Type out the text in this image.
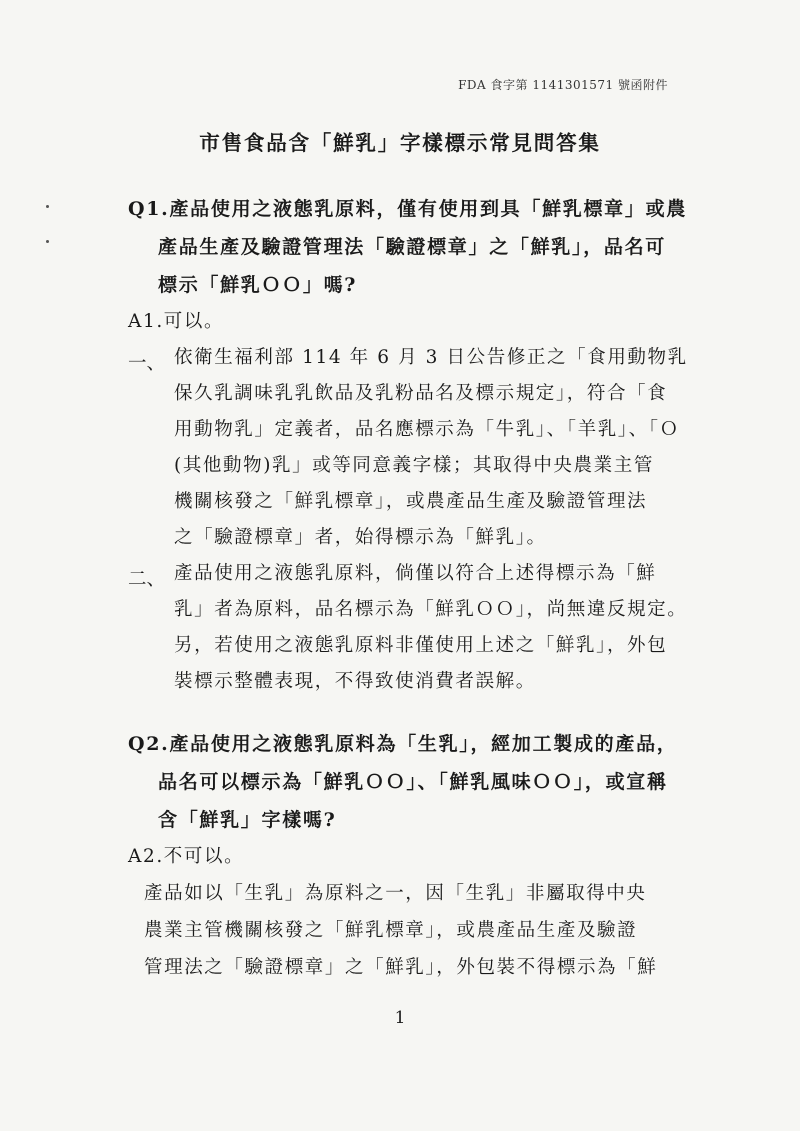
FDA 食字第 1141301571 號函附件
市售食品含「鮮乳」字樣標示常見問答集
Q1.產品使用之液態乳原料，僅有使用到具「鮮乳標章」或農
產品生產及驗證管理法「驗證標章」之「鮮乳」，品名可
標示「鮮乳ＯＯ」嗎?
A1.可以。
一、 依衛生福利部 114 年 6 月 3 日公告修正之「食用動物乳
保久乳調味乳乳飲品及乳粉品名及標示規定」，符合「食
用動物乳」定義者，品名應標示為「牛乳」、「羊乳」、「Ｏ
(其他動物)乳」或等同意義字樣；其取得中央農業主管
機關核發之「鮮乳標章」，或農產品生產及驗證管理法
之「驗證標章」者，始得標示為「鮮乳」。
二、 產品使用之液態乳原料，倘僅以符合上述得標示為「鮮
乳」者為原料，品名標示為「鮮乳ＯＯ」，尚無違反規定。
另，若使用之液態乳原料非僅使用上述之「鮮乳」，外包
裝標示整體表現，不得致使消費者誤解。
Q2.產品使用之液態乳原料為「生乳」，經加工製成的產品，
品名可以標示為「鮮乳ＯＯ」、「鮮乳風味ＯＯ」，或宣稱
含「鮮乳」字樣嗎?
A2.不可以。
產品如以「生乳」為原料之一，因「生乳」非屬取得中央
農業主管機關核發之「鮮乳標章」，或農產品生產及驗證
管理法之「驗證標章」之「鮮乳」，外包裝不得標示為「鮮
1
